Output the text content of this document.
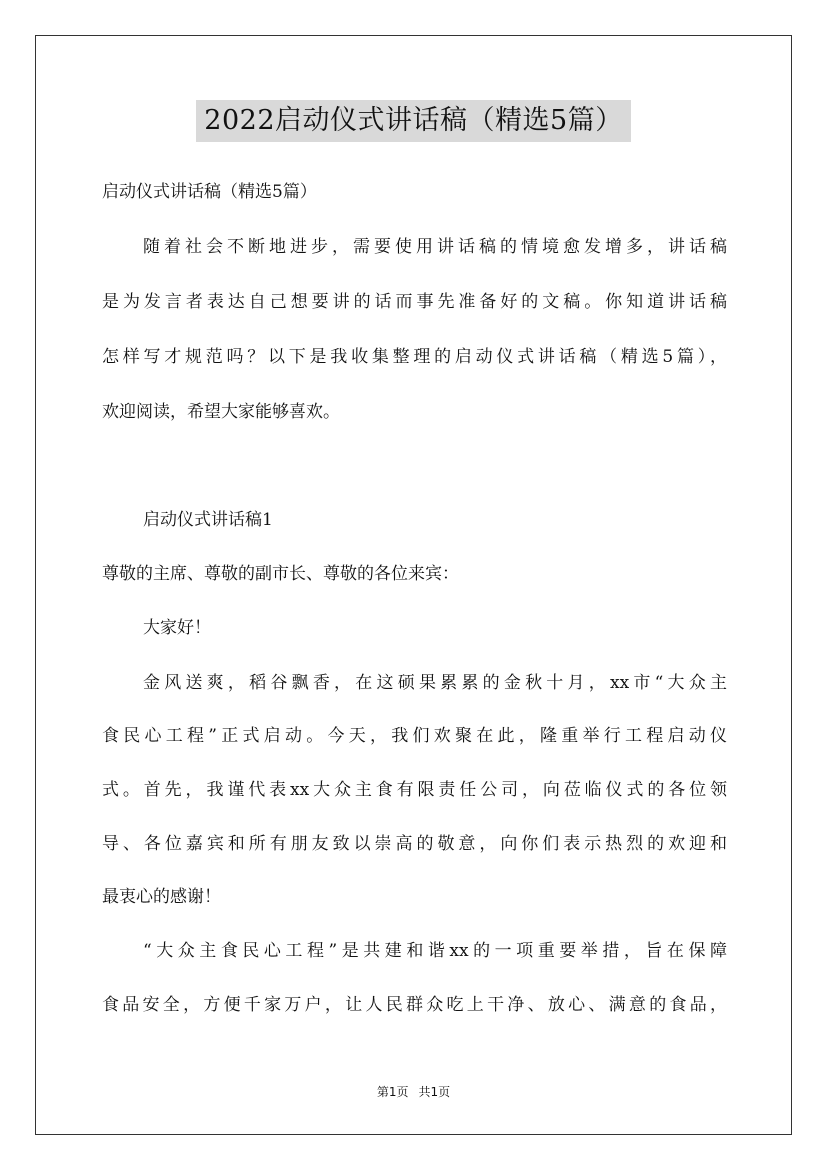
2022启动仪式讲话稿（精选5篇）
启动仪式讲话稿（精选5篇）
随着社会不断地进步，需要使用讲话稿的情境愈发增多，讲话稿
是为发言者表达自己想要讲的话而事先准备好的文稿。你知道讲话稿
怎样写才规范吗？以下是我收集整理的启动仪式讲话稿（精选5篇），
欢迎阅读，希望大家能够喜欢。
启动仪式讲话稿1
尊敬的主席、尊敬的副市长、尊敬的各位来宾：
大家好！
金风送爽，稻谷飘香，在这硕果累累的金秋十月，xx市“大众主
食民心工程”正式启动。今天，我们欢聚在此，隆重举行工程启动仪
式。首先，我谨代表xx大众主食有限责任公司，向莅临仪式的各位领
导、各位嘉宾和所有朋友致以崇高的敬意，向你们表示热烈的欢迎和
最衷心的感谢！
“大众主食民心工程”是共建和谐xx的一项重要举措，旨在保障
食品安全，方便千家万户，让人民群众吃上干净、放心、满意的食品，
第1页 共1页
